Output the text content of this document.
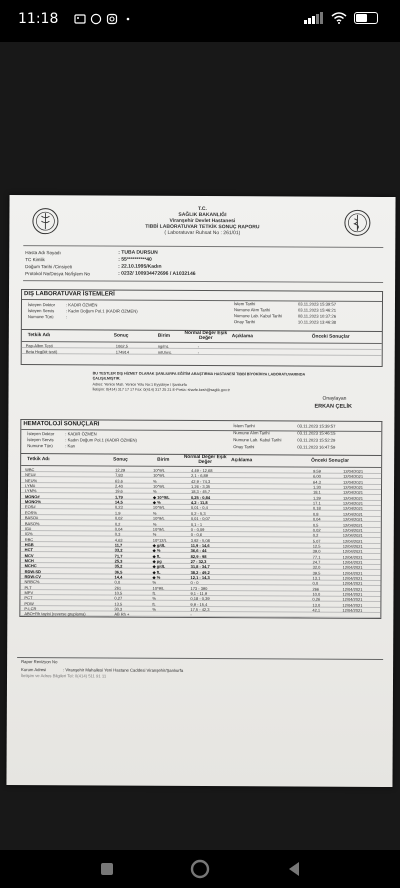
11:18	55
T.C.
SAĞLIK BAKANLIĞI
Viranşehir Devlet Hastanesi
TIBBİ LABORATUVAR TETKİK SONUÇ RAPORU
( Laboratuvar Ruhsat No : 261/01)
Hasta Adı Soyadı	: TUBA DURSUN
TC Kimlik	: 55**********40
Doğum Tarihi /Cinsiyeti	: 22.10.1995/Kadın
Protokol No/Dosya No/İşlem No	: 0232/ 100934472696 / A1032146
DIŞ LABORATUVAR İSTEMLERİ
İsteyen Doktor	: KADIR ÖZMEN
İsteyen Servis	: Kadın Doğum Pol.1 (KADIR ÖZMEN)
Numune Türü	:
İstem Tarihi	03.11.2023 15:39:57
Numune Alım Tarihi	03.11.2023 15:46:21
Numune Lab. Kabul Tarihi	08.11.2023 10:37:26
Onay Tarihi	10.11.2023 13:46:38
Tetkik Adı	Sonuç	Birim
Normal Değer Eşik Değer	Açıklama	Önceki Sonuçlar
Pap-Albm Testi	1062,5	ng/mL	-
Beta Hcg(kit testi)	174914	mIU/mL	-
BU TESTLER DIŞ HİZMET OLARAK ŞANLIURFA EĞİTİM ARAŞTIRMA HASTANESİ TIBBİ BİYOKİMYA LABORATUVARINDA
ÇALIŞILMIŞTIR.
Adres: Yenice Mah. Yenice Yolu No:1 Eyyübiye / Şanlıurfa
İletişim: 0(414) 317 17 17 Fax: 0(414) 317 25 21 E-Posta: sharfe.kesh@saglik.gov.tr
Onaylayan
ERKAN ÇELİK
HEMATOLOJİ SONUÇLARI
İsteyen Doktor	: KADIR ÖZMEN
İsteyen Servis	: Kadın Doğum Pol.1 (KADIR ÖZMEN)
Numune Türü	: Kan
İstem Tarihi	03.11.2023 15:39:57
Numune Alım Tarihi	03.11.2023 15:46:15
Numune Lab. Kabul Tarihi	03.11.2023 15:52:29
Onay Tarihi	03.11.2023 16:47:59
Tetkik Adı	Sonuç	Birim
Normal Değer Eşik Değer	Açıklama	Önceki Sonuçlar
WBC	12,29	10^9/L	4,49 - 12,68	9,59	12/04/2021
NEU#	7,83	10^9/L	2,1 - 6,89	6,00	12/04/2021
NEU%	63,6	%	42,9 - 74,3	64,3	12/04/2021
LYM#	2,40	10^9/L	1,26 - 3,35	1,30	12/04/2021
LYM%	19,6	%	18,3 - 45,7	18,1	12/04/2021
MONO#	1,79	◆ 10^9/L	0,25 - 0,84	1,39	12/04/2021
MONO%	14,5	◆ %	4,2 - 11,8	17,1	12/04/2021
EOS#	0,23	10^9/L	0,01 - 0,4	0,18	12/04/2021
EOS%	1,9	%	0,2 - 5,3	0,8	12/04/2021
BASO#	0,02	10^9/L	0,01 - 0,07	0,04	12/04/2021
BASO%	0,2	%	0,1 - 1	0,5	12/04/2021
IG#	0,04	10^9/L	0 - 0,09	0,02	12/04/2021
IG%	0,3	%	0 - 0,6	0,2	12/04/2021
RBC	4,63	10^12/L	3,92 - 5,08	5,07	12/04/2021
HGB	11,7	◆ g/dL	11,9 - 14,6	12,5	12/04/2021
HCT	33,2	◆ %	36,6 - 44	39,0	12/04/2021
MCV	71,7	◆ fL	82,9 - 98	77,1	12/04/2021
MCH	25,3	◆ pg	27 - 32,3	24,7	12/04/2021
MCHC	35,2	◆ g/dL	31,8 - 34,7	32,0	12/04/2021
RDW-SD	36,5	◆ fL	38,2 - 49,2	39,5	12/04/2021
RDW-CV	14,4	◆ %	12,1 - 14,3	13,1	12/04/2021
NRBC%	0,0	%	0 - 0	0,0	12/04/2021
PLT	261	10^9/L	173 - 390	266	12/04/2021
MPV	10,5	fL	9,1 - 11,9	10,0	12/04/2021
PCT	0,27	%	0,18 - 0,39	0,26	12/04/2021
PDW	13,5	fL	9,9 - 15,4	13,0	12/04/2021
P-LCR	30,3	%	17,5 - 42,3	42,1	12/04/2021
ABO+Rh tayini (reverse gruplama)	AB Rh +	-
Rapor Revizyon No
Kurum Adresi	: Viranşehir Mahallesi Yeni Hastane Caddesi Viranşehir/Şanlıurfa
İletişim ve Adres Bilgileri Tel: 0(414) 511 91 11
